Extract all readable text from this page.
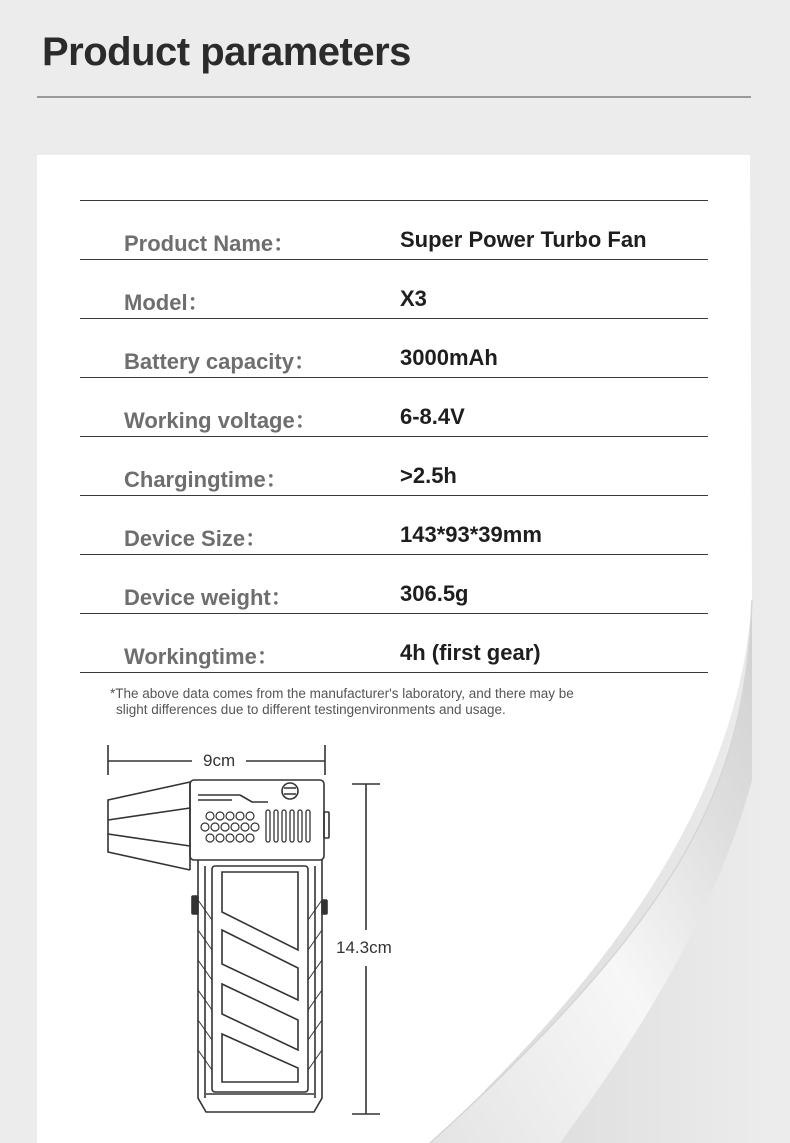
Product parameters
Product Name：	Super Power Turbo Fan
Model：	X3
Battery capacity：	3000mAh
Working voltage：	6-8.4V
Chargingtime：	>2.5h
Device Size：	143*93*39mm
Device weight：	306.5g
Workingtime：	4h (first gear)
*The above data comes from the manufacturer's laboratory, and there may be
slight differences due to different testingenvironments and usage.
9cm
14.3cm
